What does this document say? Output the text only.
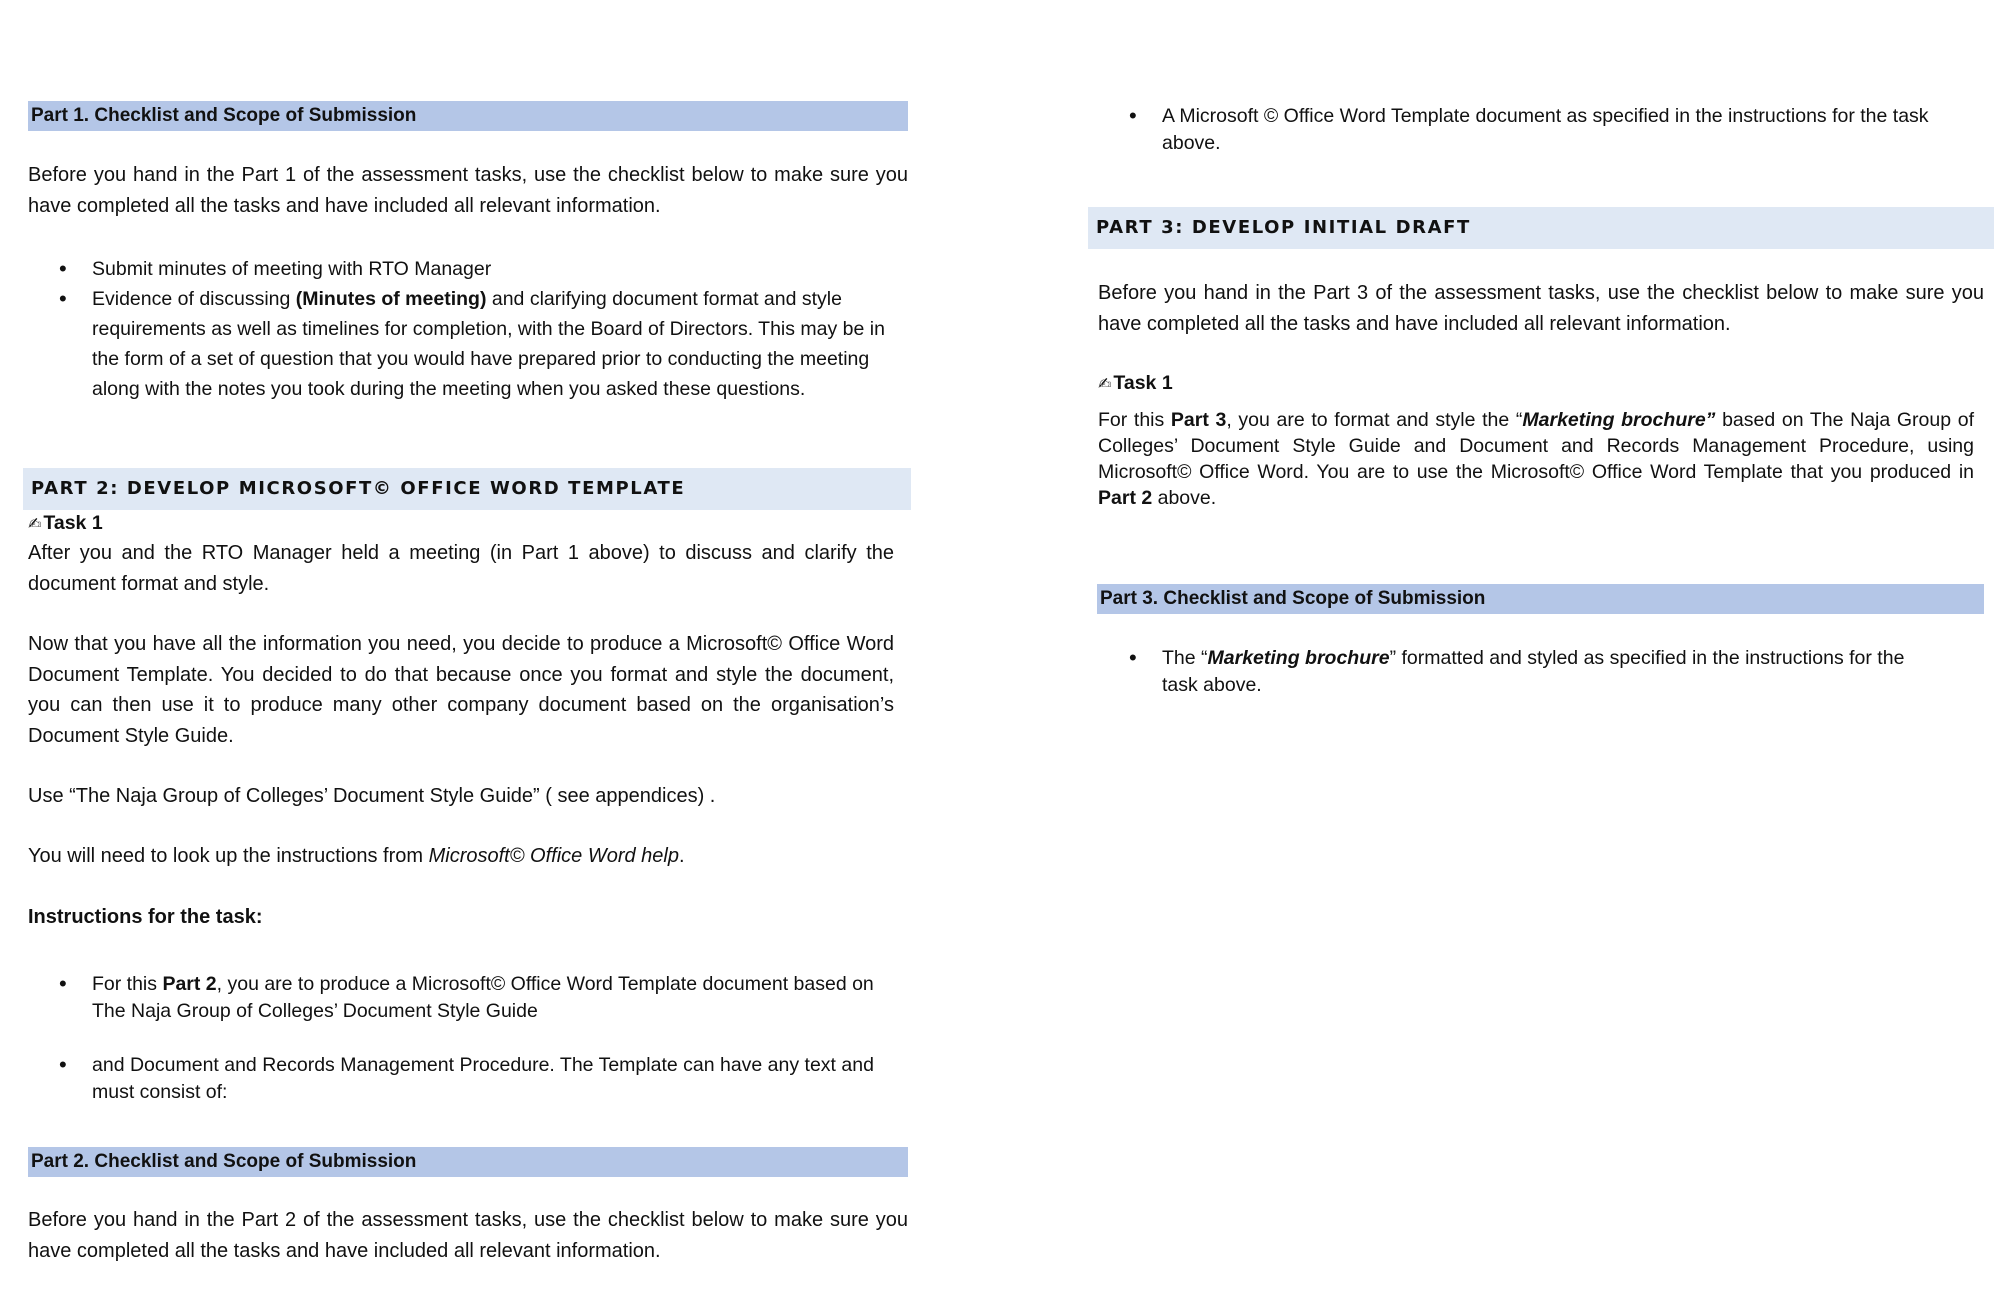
Part 1. Checklist and Scope of Submission
Before you hand in the Part 1 of the assessment tasks, use the checklist below to make sure you have completed all the tasks and have included all relevant information.
• Submit minutes of meeting with RTO Manager
• Evidence of discussing (Minutes of meeting) and clarifying document format and style requirements as well as timelines for completion, with the Board of Directors. This may be in the form of a set of question that you would have prepared prior to conducting the meeting along with the notes you took during the meeting when you asked these questions.
PART 2: DEVELOP MICROSOFT© OFFICE WORD TEMPLATE
✍ Task 1
After you and the RTO Manager held a meeting (in Part 1 above) to discuss and clarify the document format and style.
Now that you have all the information you need, you decide to produce a Microsoft© Office Word Document Template. You decided to do that because once you format and style the document, you can then use it to produce many other company document based on the organisation’s Document Style Guide.
Use “The Naja Group of Colleges’ Document Style Guide” ( see appendices) .
You will need to look up the instructions from Microsoft© Office Word help.
Instructions for the task:
• For this Part 2, you are to produce a Microsoft© Office Word Template document based on The Naja Group of Colleges’ Document Style Guide
• and Document and Records Management Procedure. The Template can have any text and must consist of:
Part 2. Checklist and Scope of Submission
Before you hand in the Part 2 of the assessment tasks, use the checklist below to make sure you have completed all the tasks and have included all relevant information.
• A Microsoft © Office Word Template document as specified in the instructions for the task above.
PART 3: DEVELOP INITIAL DRAFT
Before you hand in the Part 3 of the assessment tasks, use the checklist below to make sure you have completed all the tasks and have included all relevant information.
✍ Task 1
For this Part 3, you are to format and style the “Marketing brochure” based on The Naja Group of Colleges’ Document Style Guide and Document and Records Management Procedure, using Microsoft© Office Word. You are to use the Microsoft© Office Word Template that you produced in Part 2 above.
Part 3. Checklist and Scope of Submission
• The “Marketing brochure” formatted and styled as specified in the instructions for the task above.
